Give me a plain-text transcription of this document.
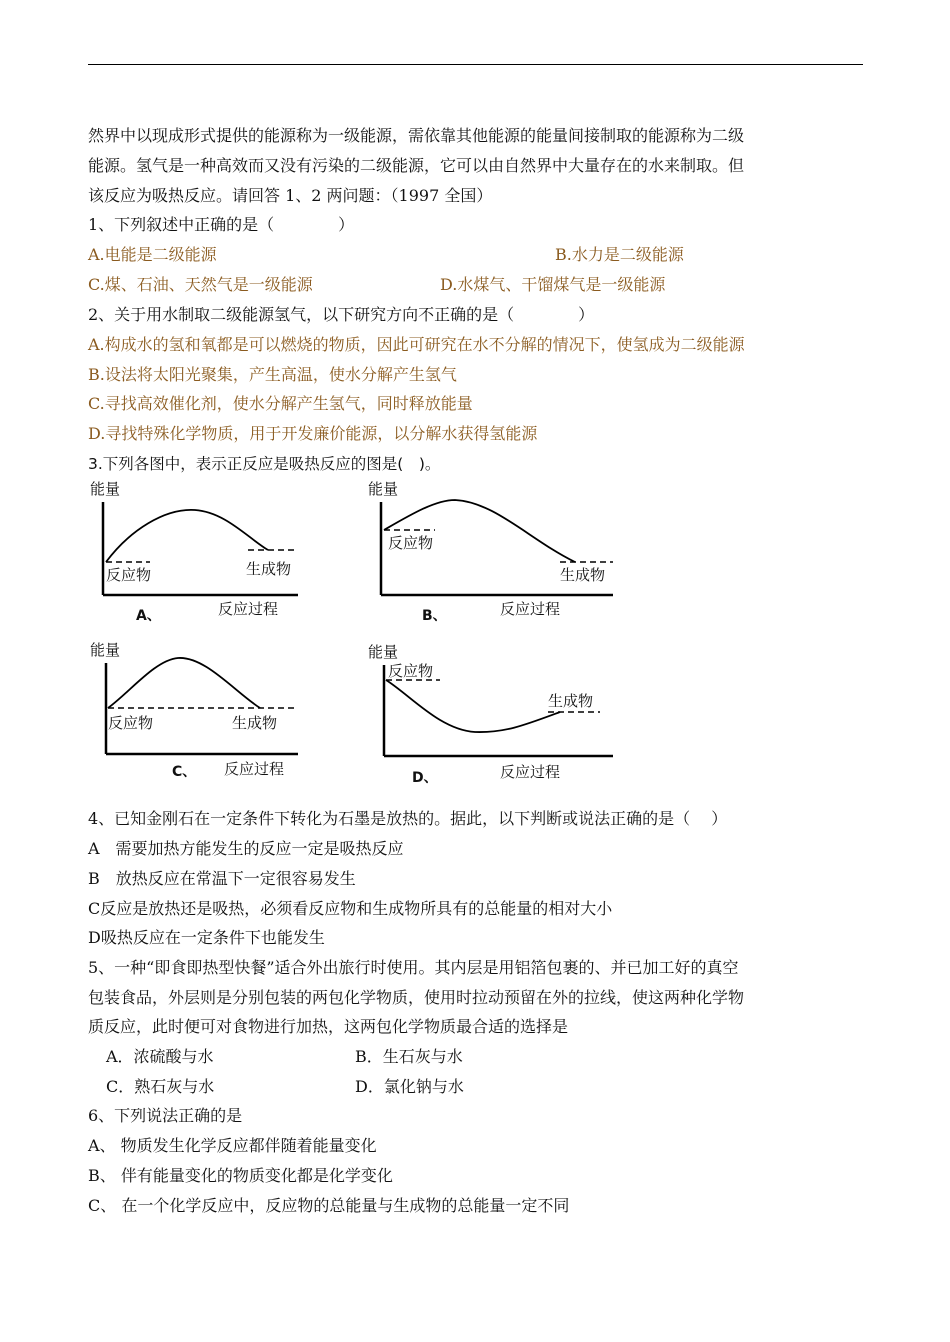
然界中以现成形式提供的能源称为一级能源，需依靠其他能源的能量间接制取的能源称为二级
能源。氢气是一种高效而又没有污染的二级能源，它可以由自然界中大量存在的水来制取。但
该反应为吸热反应。请回答 1、2 两问题：（1997 全国）
1、下列叙述中正确的是（　　　　）
A.电能是二级能源	B.水力是二级能源
C.煤、石油、天然气是一级能源	D.水煤气、干馏煤气是一级能源
2、关于用水制取二级能源氢气，以下研究方向不正确的是（　　　　）
A.构成水的氢和氧都是可以燃烧的物质，因此可研究在水不分解的情况下，使氢成为二级能源
B.设法将太阳光聚集，产生高温，使水分解产生氢气
C.寻找高效催化剂，使水分解产生氢气，同时释放能量
D.寻找特殊化学物质，用于开发廉价能源，以分解水获得氢能源
3.下列各图中，表示正反应是吸热反应的图是(　)。
能量
反应物	生成物
A、	反应过程
能量
反应物
生成物
B、	反应过程
能量
反应物	生成物
C、 反应过程
能量
反应物
生成物
D、	反应过程
4、已知金刚石在一定条件下转化为石墨是放热的。据此，以下判断或说法正确的是（　 ）
A　需要加热方能发生的反应一定是吸热反应
B　放热反应在常温下一定很容易发生
C反应是放热还是吸热，必须看反应物和生成物所具有的总能量的相对大小
D吸热反应在一定条件下也能发生
5、一种“即食即热型快餐”适合外出旅行时使用。其内层是用铝箔包裹的、并已加工好的真空
包装食品，外层则是分别包装的两包化学物质，使用时拉动预留在外的拉线，使这两种化学物
质反应，此时便可对食物进行加热，这两包化学物质最合适的选择是
A．浓硫酸与水	B．生石灰与水
C．熟石灰与水	D．氯化钠与水
6、下列说法正确的是
A、 物质发生化学反应都伴随着能量变化
B、 伴有能量变化的物质变化都是化学变化
C、 在一个化学反应中，反应物的总能量与生成物的总能量一定不同
